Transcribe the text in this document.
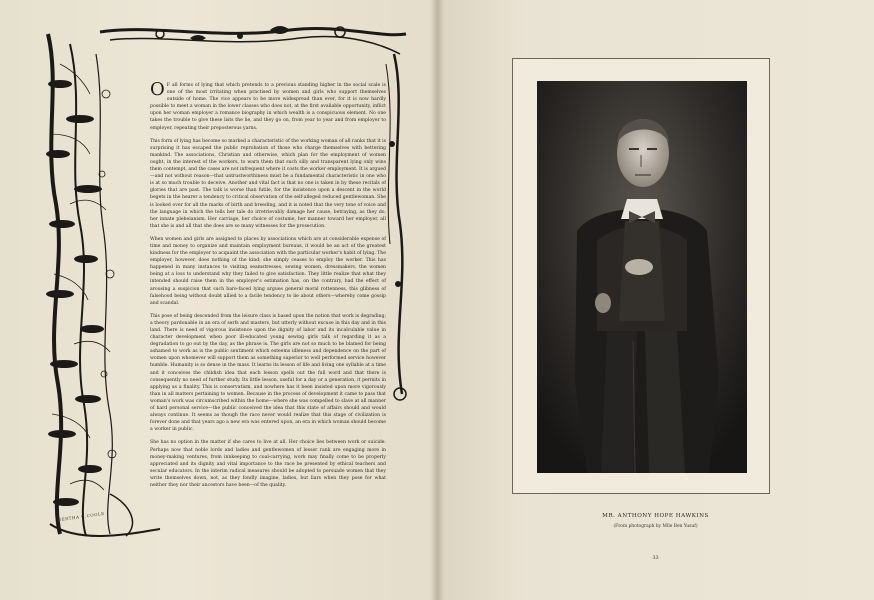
O F all forms of lying that which pretends to a previous standing higher in the social scale is one of the most irritating when practised by women and girls who support themselves outside of home. The vice appears to be more widespread than ever, for it is now hardly possible to meet a woman in the lower classes who does not, at the first available opportunity, inflict upon her woman employer a romance biography in which wealth is a conspicuous element. No one takes the trouble to give these lists the lie, and they go on, from year to year and from employer to employer, repeating their preposterous yarns.

This form of lying has become so marked a characteristic of the working woman of all ranks that it is surprising it has escaped the public reprobation of those who charge themselves with bettering mankind. The associations, Christian and otherwise, which plan for the employment of women ought, in the interest of the workers, to warn them that such silly and transparent lying only wins them contempt, and the cases are not infrequent where it costs the worker employment. It is argued—and not without reason—that untrustworthiness must be a fundamental characteristic in one who is at so much trouble to deceive. Another and vital fact is that no one is taken in by these recitals of glories that are past. The talk is worse than futile, for the insistence upon a descent in the world begets in the hearer a tendency to critical observation of the self-alleged reduced gentlewoman. She is looked over for all the marks of birth and breeding, and it is noted that the very tone of voice and the language in which the tells her tale do irretrievably damage her cause, betraying, as they do, her innate plebeianism. Her carriage, her choice of costume, her manner toward her employer, all that she is and all that she does are so many witnesses for the prosecution.

When women and girls are assigned to places by associations which are at considerable expense of time and money to organize and maintain employment bureaus, it would be an act of the greatest kindness for the employer to acquaint the association with the particular worker's habit of lying. The employer, however, does nothing of the kind; she simply ceases to employ the worker. This has happened in many instances to visiting seamstresses, sewing women, dressmakers, the women being at a loss to understand why they failed to give satisfaction. They little realize that what they intended should raise them in the employer's estimation has, on the contrary, had the effect of arousing a suspicion that such bare-faced lying argues general moral rottenness, this glibness of falsehood being without doubt allied to a facile tendency to lie about others—whereby come gossip and scandal.

This pose of being descended from the leisure class is based upon the notion that work is degrading; a theory pardonable in an era of serfs and masters, but utterly without excuse in this day and in this land. There is need of vigorous insistence upon the dignity of labor and its incalculable value in character development when poor ill-educated young sewing girls talk of regarding it as a degradation to go out by the day, as the phrase is. The girls are not so much to be blamed for being ashamed to work as is the public sentiment which esteems idleness and dependence on the part of women upon whomever will support them as something superior to well performed service however humble. Humanity is so dense in the mass. It learns its lesson of life and living one syllable at a time and it conceives the childish idea that each lesson spells out the full word and that there is consequently no need of further study. Its little lesson, useful for a day or a generation, it permits in applying as a finality. This is conservatism, and nowhere has it been insisted upon more vigorously than in all matters pertaining to women. Because in the process of development it came to pass that woman's work was circumscribed within the home—where she was compelled to slave at all manner of hard personal service—the public conceived the idea that this state of affairs should and would always continue. It seems as though the race never would realize that this stage of civilization is forever done and that years ago a new era was entered upon, an era in which woman should become a worker in public.

She has no option in the matter if she cares to live at all. Her choice lies between work or suicide. Perhaps now that noble lords and ladies and gentlewomen of lesser rank are engaging more in money-making ventures, from innkeeping to coal-carrying, work may finally come to be properly appreciated and its dignity and vital importance to the race be presented by ethical teachers and secular educators. In the interim radical measures should be adopted to persuade women that they write themselves down, not, as they fondly imagine, ladies, but liars when they pose for what neither they nor their ancestors have been—of the quality.

BERTHA C.COOLE	MR. ANTHONY HOPE HAWKINS
(From photograph by Mlle Ben Yusuf)
33
